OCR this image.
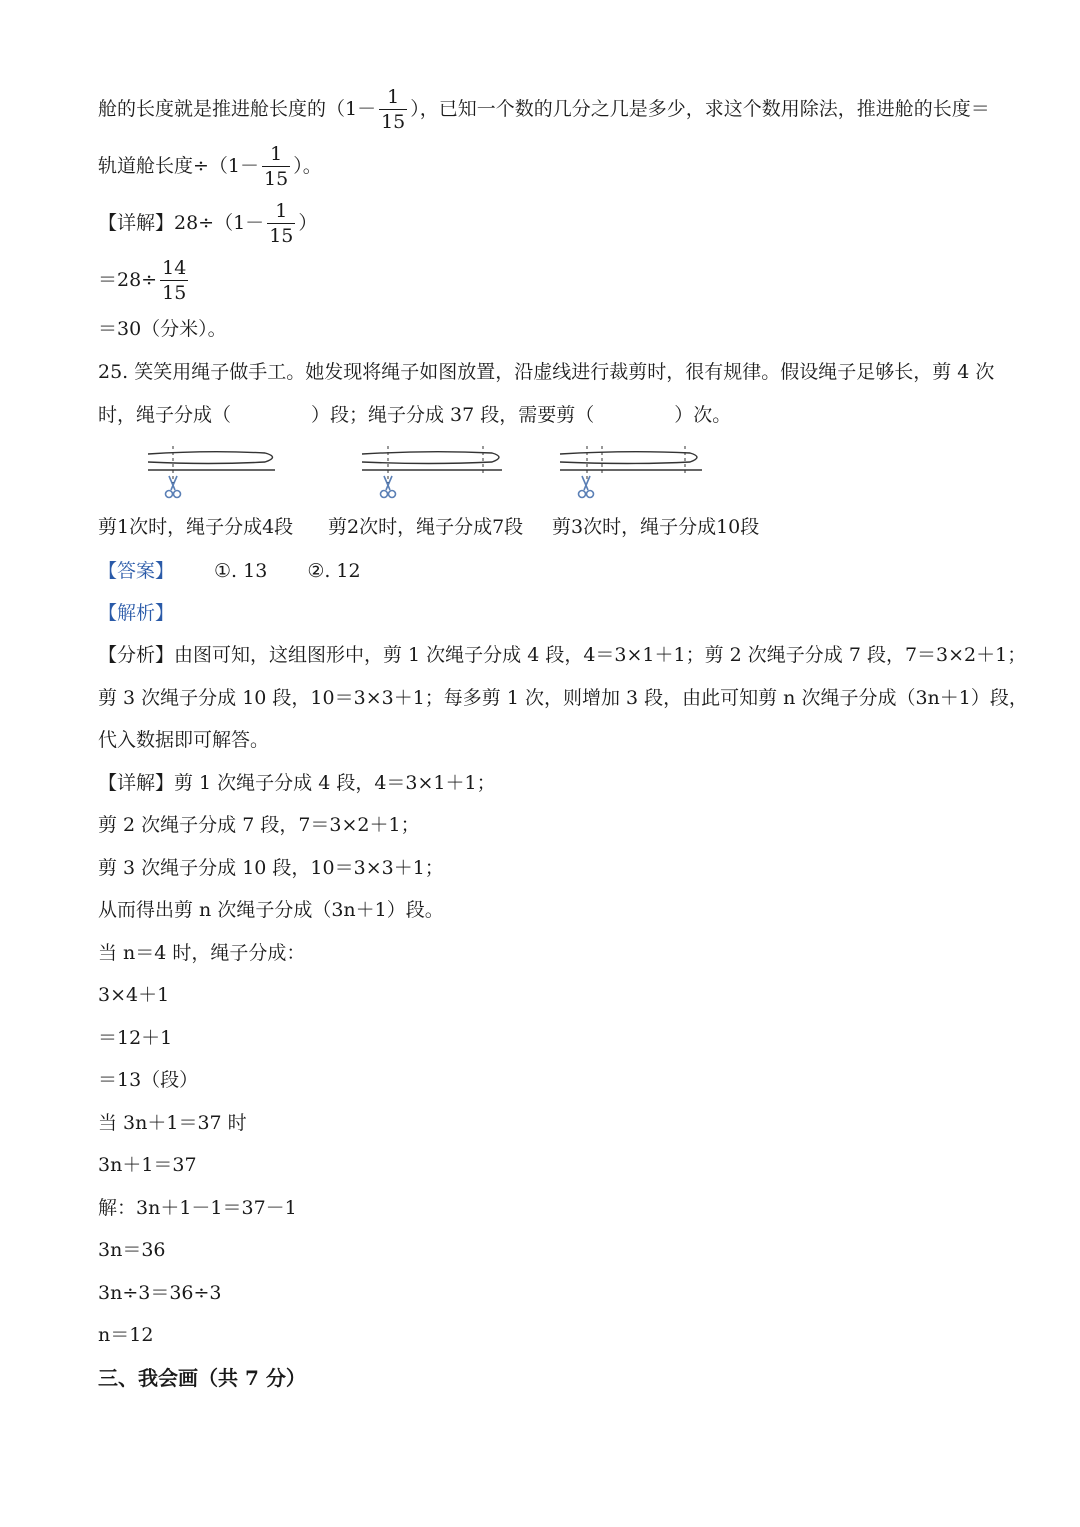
舱的长度就是推进舱长度的（$1- \frac{1}{15}$ ），已知一个数的几分之几是多少，求这个数用除法，推进舱的长度＝
轨道舱长度$\div(1- \frac{1}{15}$ ）。
【详解】$28\div(1- \frac{1}{15}$ ）
$=28\div \frac{14}{15}$
＝30（分米）。
25. 笑笑用绳子做手工。她发现将绳子如图放置，沿虚线进行裁剪时，很有规律。假设绳子足够长，剪 4 次
时，绳子分成（	）段；绳子分成 37 段，需要剪（	）次。
剪1次时，绳子分成4段 剪2次时，绳子分成7段 剪3次时，绳子分成10段
【答案】 ①. 13 ②. 12
【解析】
【分析】由图可知，这组图形中，剪 1 次绳子分成 4 段，4＝3×1＋1；剪 2 次绳子分成 7 段，7＝3×2＋1；
剪 3 次绳子分成 10 段，10＝3×3＋1；每多剪 1 次，则增加 3 段，由此可知剪 n 次绳子分成（3n＋1）段，
代入数据即可解答。
【详解】剪 1 次绳子分成 4 段，4＝3×1＋1；
剪 2 次绳子分成 7 段，7＝3×2＋1；
剪 3 次绳子分成 10 段，10＝3×3＋1；
从而得出剪 n 次绳子分成（3n＋1）段。
当 n＝4 时，绳子分成：
3×4＋1
＝12＋1
＝13（段）
当 3n＋1＝37 时
3n＋1＝37
解：3n＋1－1＝37－1
3n＝36
3n÷3＝36÷3
n＝12
三、我会画（共 7 分）
